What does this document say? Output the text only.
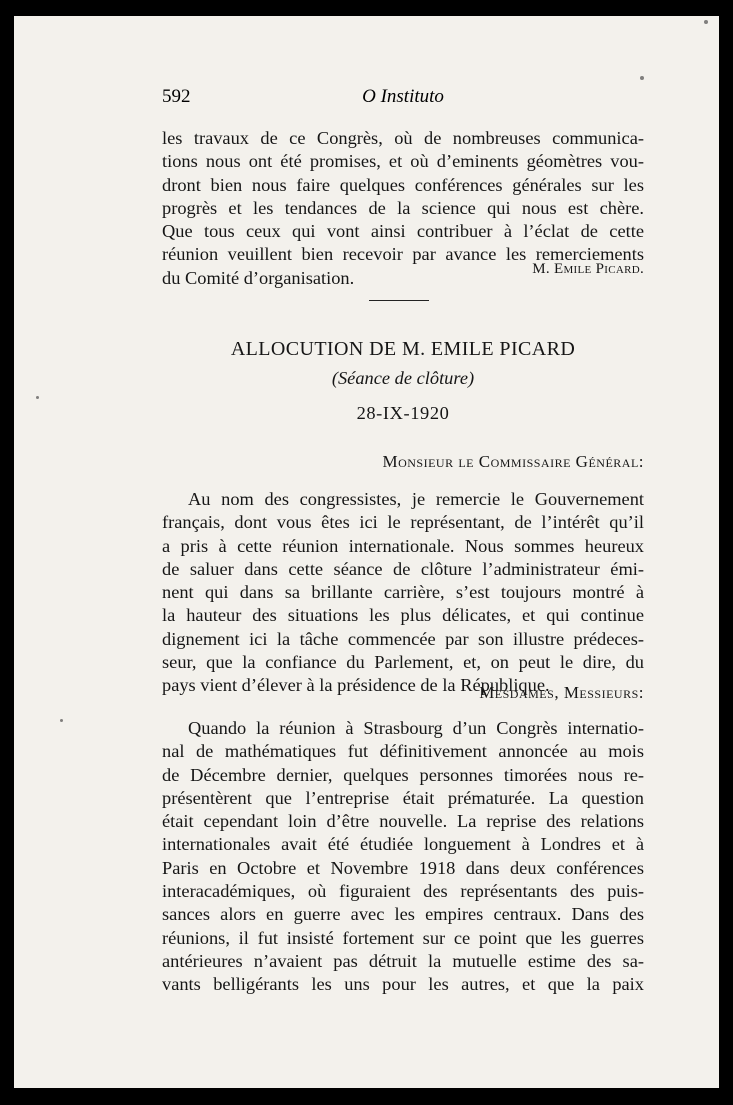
592	O Instituto
les travaux de ce Congrès, où de nombreuses communica-
tions nous ont été promises, et où d’eminents géomètres vou-
dront bien nous faire quelques conférences générales sur les
progrès et les tendances de la science qui nous est chère.
Que tous ceux qui vont ainsi contribuer à l’éclat de cette
réunion veuillent bien recevoir par avance les remerciements
du Comité d’organisation.	M. Emile Picard.
ALLOCUTION DE M. EMILE PICARD
(Séance de clôture)
28-IX-1920
Monsieur le Commissaire Général:
Au nom des congressistes, je remercie le Gouvernement
français, dont vous êtes ici le représentant, de l’intérêt qu’il
a pris à cette réunion internationale. Nous sommes heureux
de saluer dans cette séance de clôture l’administrateur émi-
nent qui dans sa brillante carrière, s’est toujours montré à
la hauteur des situations les plus délicates, et qui continue
dignement ici la tâche commencée par son illustre prédeces-
seur, que la confiance du Parlement, et, on peut le dire, du
pays vient d’élever à la présidence de la République.
Mesdames, Messieurs:
Quando la réunion à Strasbourg d’un Congrès internatio-
nal de mathématiques fut définitivement annoncée au mois
de Décembre dernier, quelques personnes timorées nous re-
présentèrent que l’entreprise était prématurée. La question
était cependant loin d’être nouvelle. La reprise des relations
internationales avait été étudiée longuement à Londres et à
Paris en Octobre et Novembre 1918 dans deux conférences
interacadémiques, où figuraient des représentants des puis-
sances alors en guerre avec les empires centraux. Dans des
réunions, il fut insisté fortement sur ce point que les guerres
antérieures n’avaient pas détruit la mutuelle estime des sa-
vants belligérants les uns pour les autres, et que la paix
